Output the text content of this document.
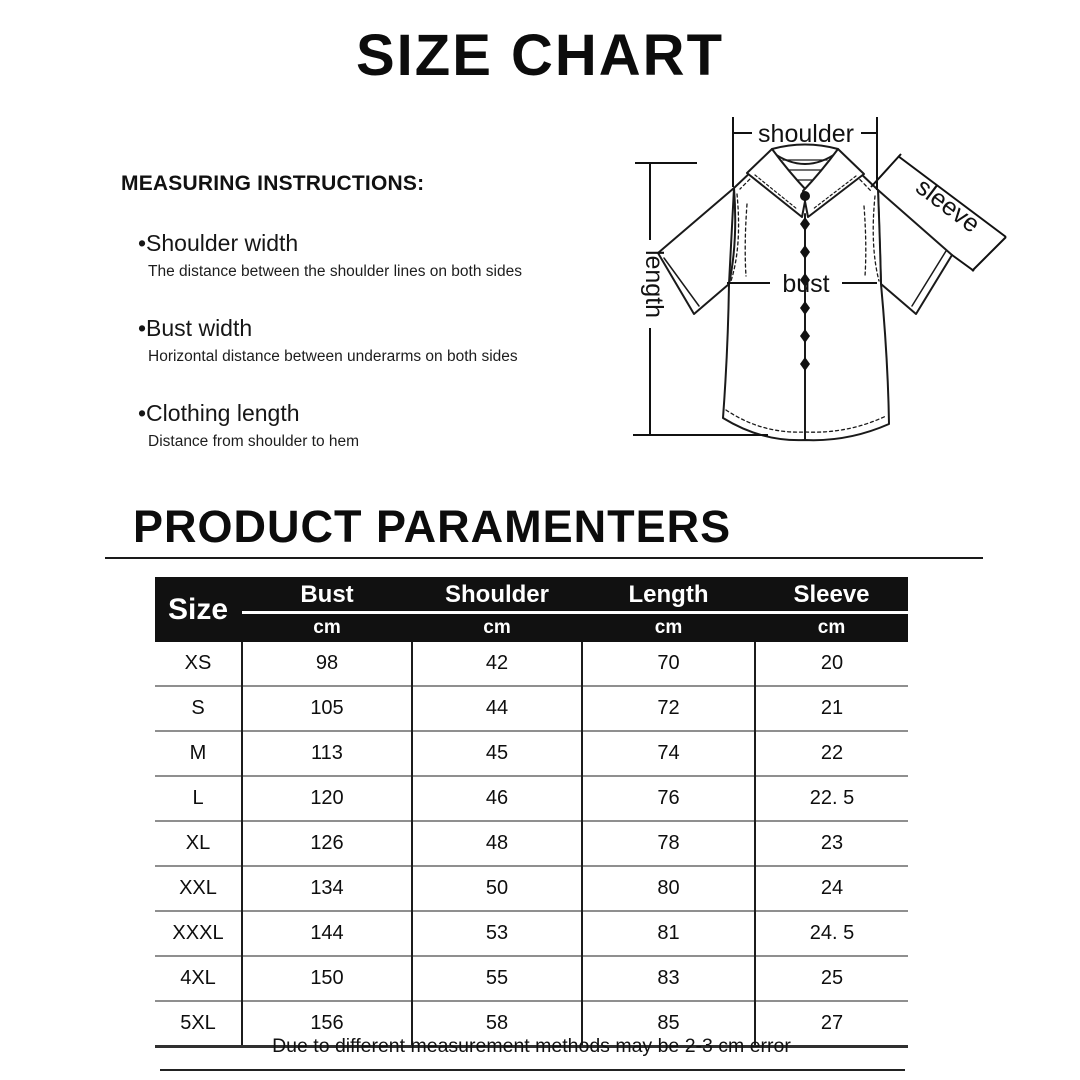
SIZE CHART
MEASURING INSTRUCTIONS:
•Shoulder width
The distance between the shoulder lines on both sides
•Bust width
Horizontal distance between underarms on both sides
•Clothing length
Distance from shoulder to hem
shoulder
bust
length
sleeve
PRODUCT PARAMENTERS
Size	Bust	Shoulder	Length	Sleeve
	cm	cm	cm	cm
XS	98	42	70	20
S	105	44	72	21
M	113	45	74	22
L	120	46	76	22. 5
XL	126	48	78	23
XXL	134	50	80	24
XXXL	144	53	81	24. 5
4XL	150	55	83	25
5XL	156	58	85	27
Due to different measurement methods may be 2-3 cm error
